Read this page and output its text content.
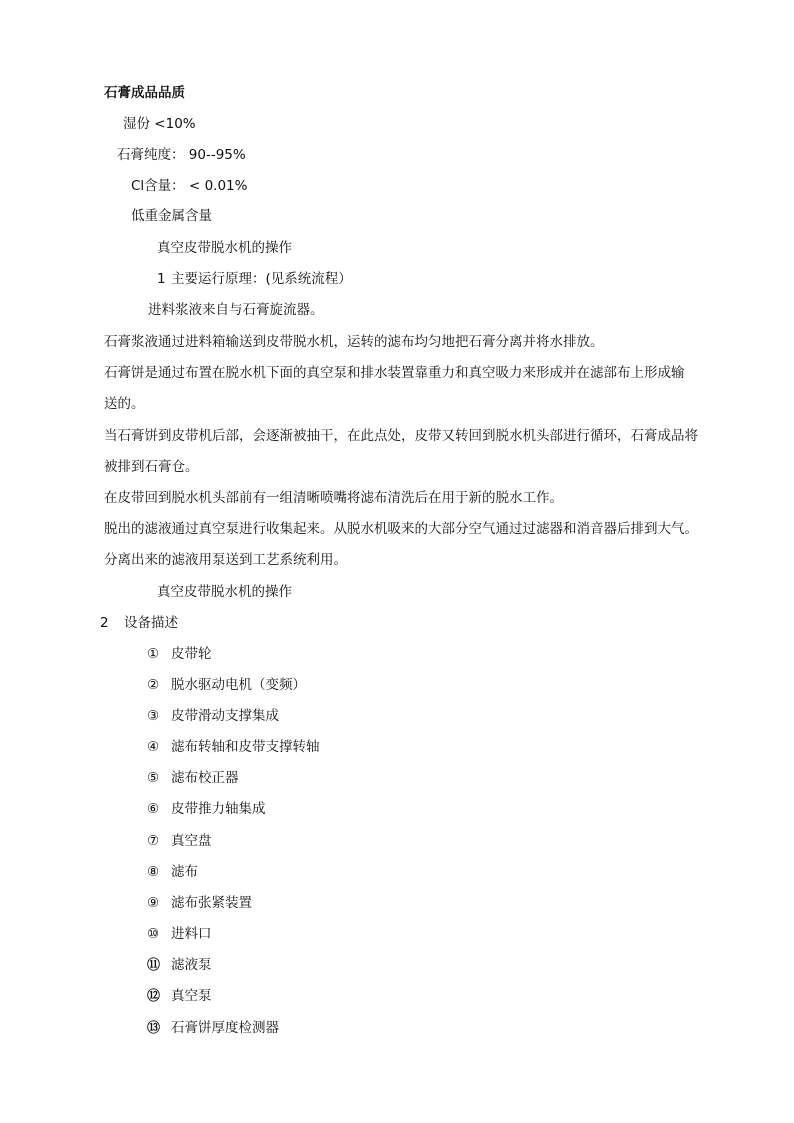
石膏成品品质
湿份 <10%
石膏纯度： 90--95%
Cl含量： < 0.01%
低重金属含量
真空皮带脱水机的操作
1 主要运行原理：(见系统流程）
进料浆液来自与石膏旋流器。
石膏浆液通过进料箱输送到皮带脱水机，运转的滤布均匀地把石膏分离并将水排放。
石膏饼是通过布置在脱水机下面的真空泵和排水装置靠重力和真空吸力来形成并在滤部布上形成输
送的。
当石膏饼到皮带机后部，会逐渐被抽干，在此点处，皮带又转回到脱水机头部进行循环，石膏成品将
被排到石膏仓。
在皮带回到脱水机头部前有一组清晰喷嘴将滤布清洗后在用于新的脱水工作。
脱出的滤液通过真空泵进行收集起来。从脱水机吸来的大部分空气通过过滤器和消音器后排到大气。
分离出来的滤液用泵送到工艺系统利用。
真空皮带脱水机的操作
2 设备描述
① 皮带轮
② 脱水驱动电机（变频）
③ 皮带滑动支撑集成
④ 滤布转轴和皮带支撑转轴
⑤ 滤布校正器
⑥ 皮带推力轴集成
⑦ 真空盘
⑧ 滤布
⑨ 滤布张紧装置
⑩ 进料口
⑪ 滤液泵
⑫ 真空泵
⑬ 石膏饼厚度检测器
